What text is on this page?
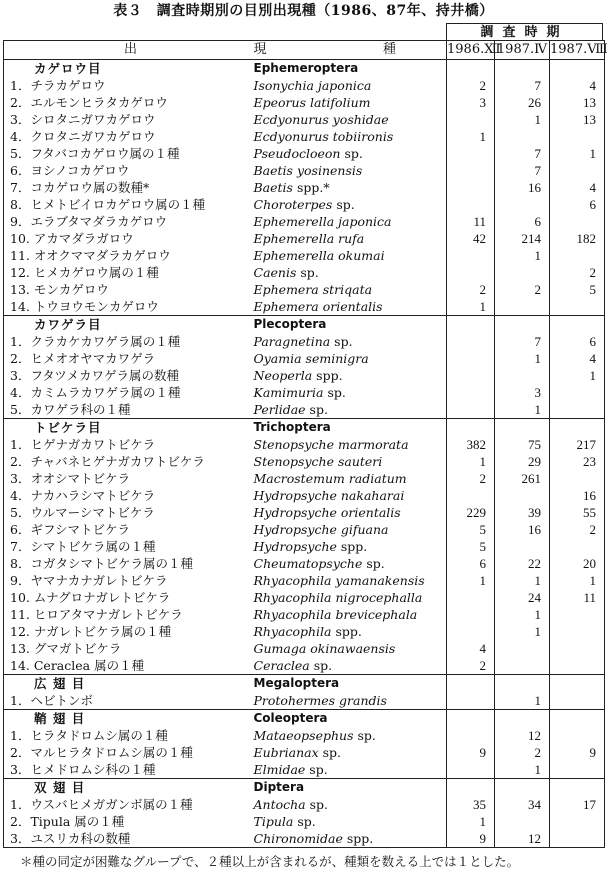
表３　調査時期別の目別出現種（1986、87年、持井橋）
調査時期
出 現 種		1986.Ⅻ	1987.Ⅳ	1987.Ⅷ
カゲロウ目	Ephemeroptera			
1．チラカゲロウ	Isonychia japonica	2	7	4
2．エルモンヒラタカゲロウ	Epeorus latifolium	3	26	13
3．シロタニガワカゲロウ	Ecdyonurus yoshidae		1	13
4．クロタニガワカゲロウ	Ecdyonurus tobiironis	1		
5．フタバコカゲロウ属の１種	Pseudocloeon sp.		7	1
6．ヨシノコカゲロウ	Baetis yosinensis		7	
7．コカゲロウ属の数種*	Baetis spp.*		16	4
8．ヒメトビイロカゲロウ属の１種	Choroterpes sp.			6
9．エラブタマダラカゲロウ	Ephemerella japonica	11	6	
10. アカマダラガロウ	Ephemerella rufa	42	214	182
11. オオクママダラカゲロウ	Ephemerella okumai		1	
12. ヒメカゲロウ属の１種	Caenis sp.			2
13. モンカゲロウ	Ephemera striqata	2	2	5
14. トウヨウモンカゲロウ	Ephemera orientalis	1		
カワゲラ目	Plecoptera			
1．クラカケカワゲラ属の１種	Paragnetina sp.		7	6
2．ヒメオオヤマカワゲラ	Oyamia seminigra		1	4
3．フタツメカワゲラ属の数種	Neoperla spp.			1
4．カミムラカワゲラ属の１種	Kamimuria sp.		3	
5．カワゲラ科の１種	Perlidae sp.		1	
トビケラ目	Trichoptera			
1．ヒゲナガカワトビケラ	Stenopsyche marmorata	382	75	217
2．チャバネヒゲナガカワトビケラ	Stenopsyche sauteri	1	29	23
3．オオシマトビケラ	Macrostemum radiatum	2	261	
4．ナカハラシマトビケラ	Hydropsyche nakaharai			16
5．ウルマーシマトビケラ	Hydropsyche orientalis	229	39	55
6．ギフシマトビケラ	Hydropsyche gifuana	5	16	2
7．シマトビケラ属の１種	Hydropsyche spp.	5		
8．コガタシマトビケラ属の１種	Cheumatopsyche sp.	6	22	20
9．ヤマナカナガレトビケラ	Rhyacophila yamanakensis	1	1	1
10. ムナグロナガレトビケラ	Rhyacophila nigrocephalla		24	11
11. ヒロアタマナガレトビケラ	Rhyacophila brevicephala		1	
12. ナガレトビケラ属の１種	Rhyacophila spp.		1	
13. グマガトビケラ	Gumaga okinawaensis	4		
14. Ceraclea 属の１種	Ceraclea sp.	2		
広 翅 目	Megaloptera			
1．ヘビトンボ	Protohermes grandis		1	
鞘 翅 目	Coleoptera			
1．ヒラタドロムシ属の１種	Mataeopsephus sp.		12	
2．マルヒラタドロムシ属の１種	Eubrianax sp.	9	2	9
3．ヒメドロムシ科の１種	Elmidae sp.		1	
双 翅 目	Diptera			
1．ウスバヒメガガンボ属の１種	Antocha sp.	35	34	17
2．Tipula 属の１種	Tipula sp.	1		
3．ユスリカ科の数種	Chironomidae spp.	9	12	
＊種の同定が困難なグループで、２種以上が含まれるが、種類を数える上では１とした。
